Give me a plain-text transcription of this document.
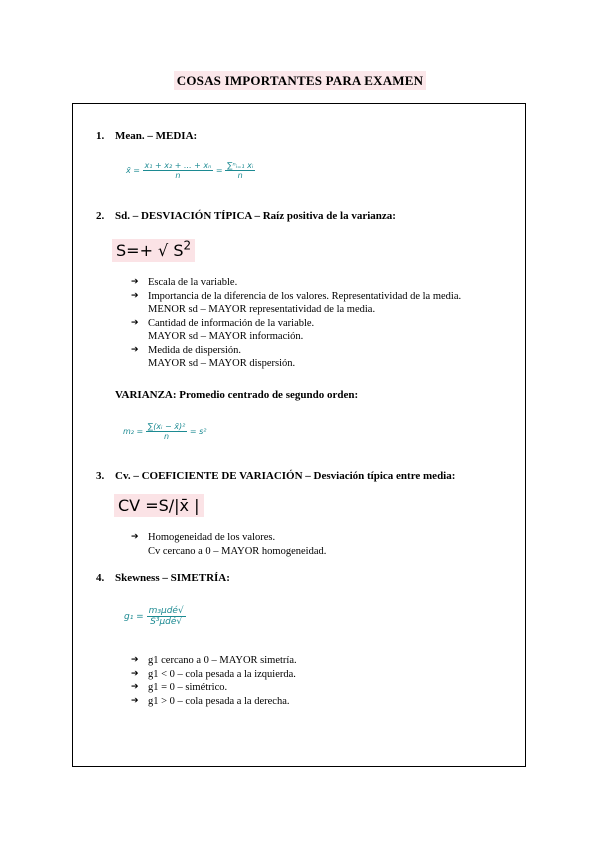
COSAS IMPORTANTES PARA EXAMEN
1. Mean. – MEDIA:
x̄ = $\frac{\text{x₁ + x₂ + ... + xₙ}}{n} = \frac{\text{∑ⁿᵢ₌₁ xᵢ}}{n}$
2. Sd. – DESVIACIÓN TÍPICA – Raíz positiva de la varianza:
S=+ √ $S^2$
➔ Escala de la variable.
➔ Importancia de la diferencia de los valores. Representatividad de la media.
MENOR sd – MAYOR representatividad de la media.
➔ Cantidad de información de la variable.
MAYOR sd – MAYOR información.
➔ Medida de dispersión.
MAYOR sd – MAYOR dispersión.
VARIANZA: Promedio centrado de segundo orden:
$m_2 = \frac{\text{∑(xᵢ − x̄)²}}{n} = s^2$
3. Cv. – COEFICIENTE DE VARIACIÓN – Desviación típica entre media:
CV =S/|x̄ |
➔ Homogeneidad de los valores.
Cv cercano a 0 – MAYOR homogeneidad.
4. Skewness – SIMETRÍA:
$g_1 = \frac{\text{m₃μdé√}}{\text{S³μdé√}}$
➔ g1 cercano a 0 – MAYOR simetría.
➔ g1 < 0 – cola pesada a la izquierda.
➔ g1 = 0 – simétrico.
➔ g1 > 0 – cola pesada a la derecha.
